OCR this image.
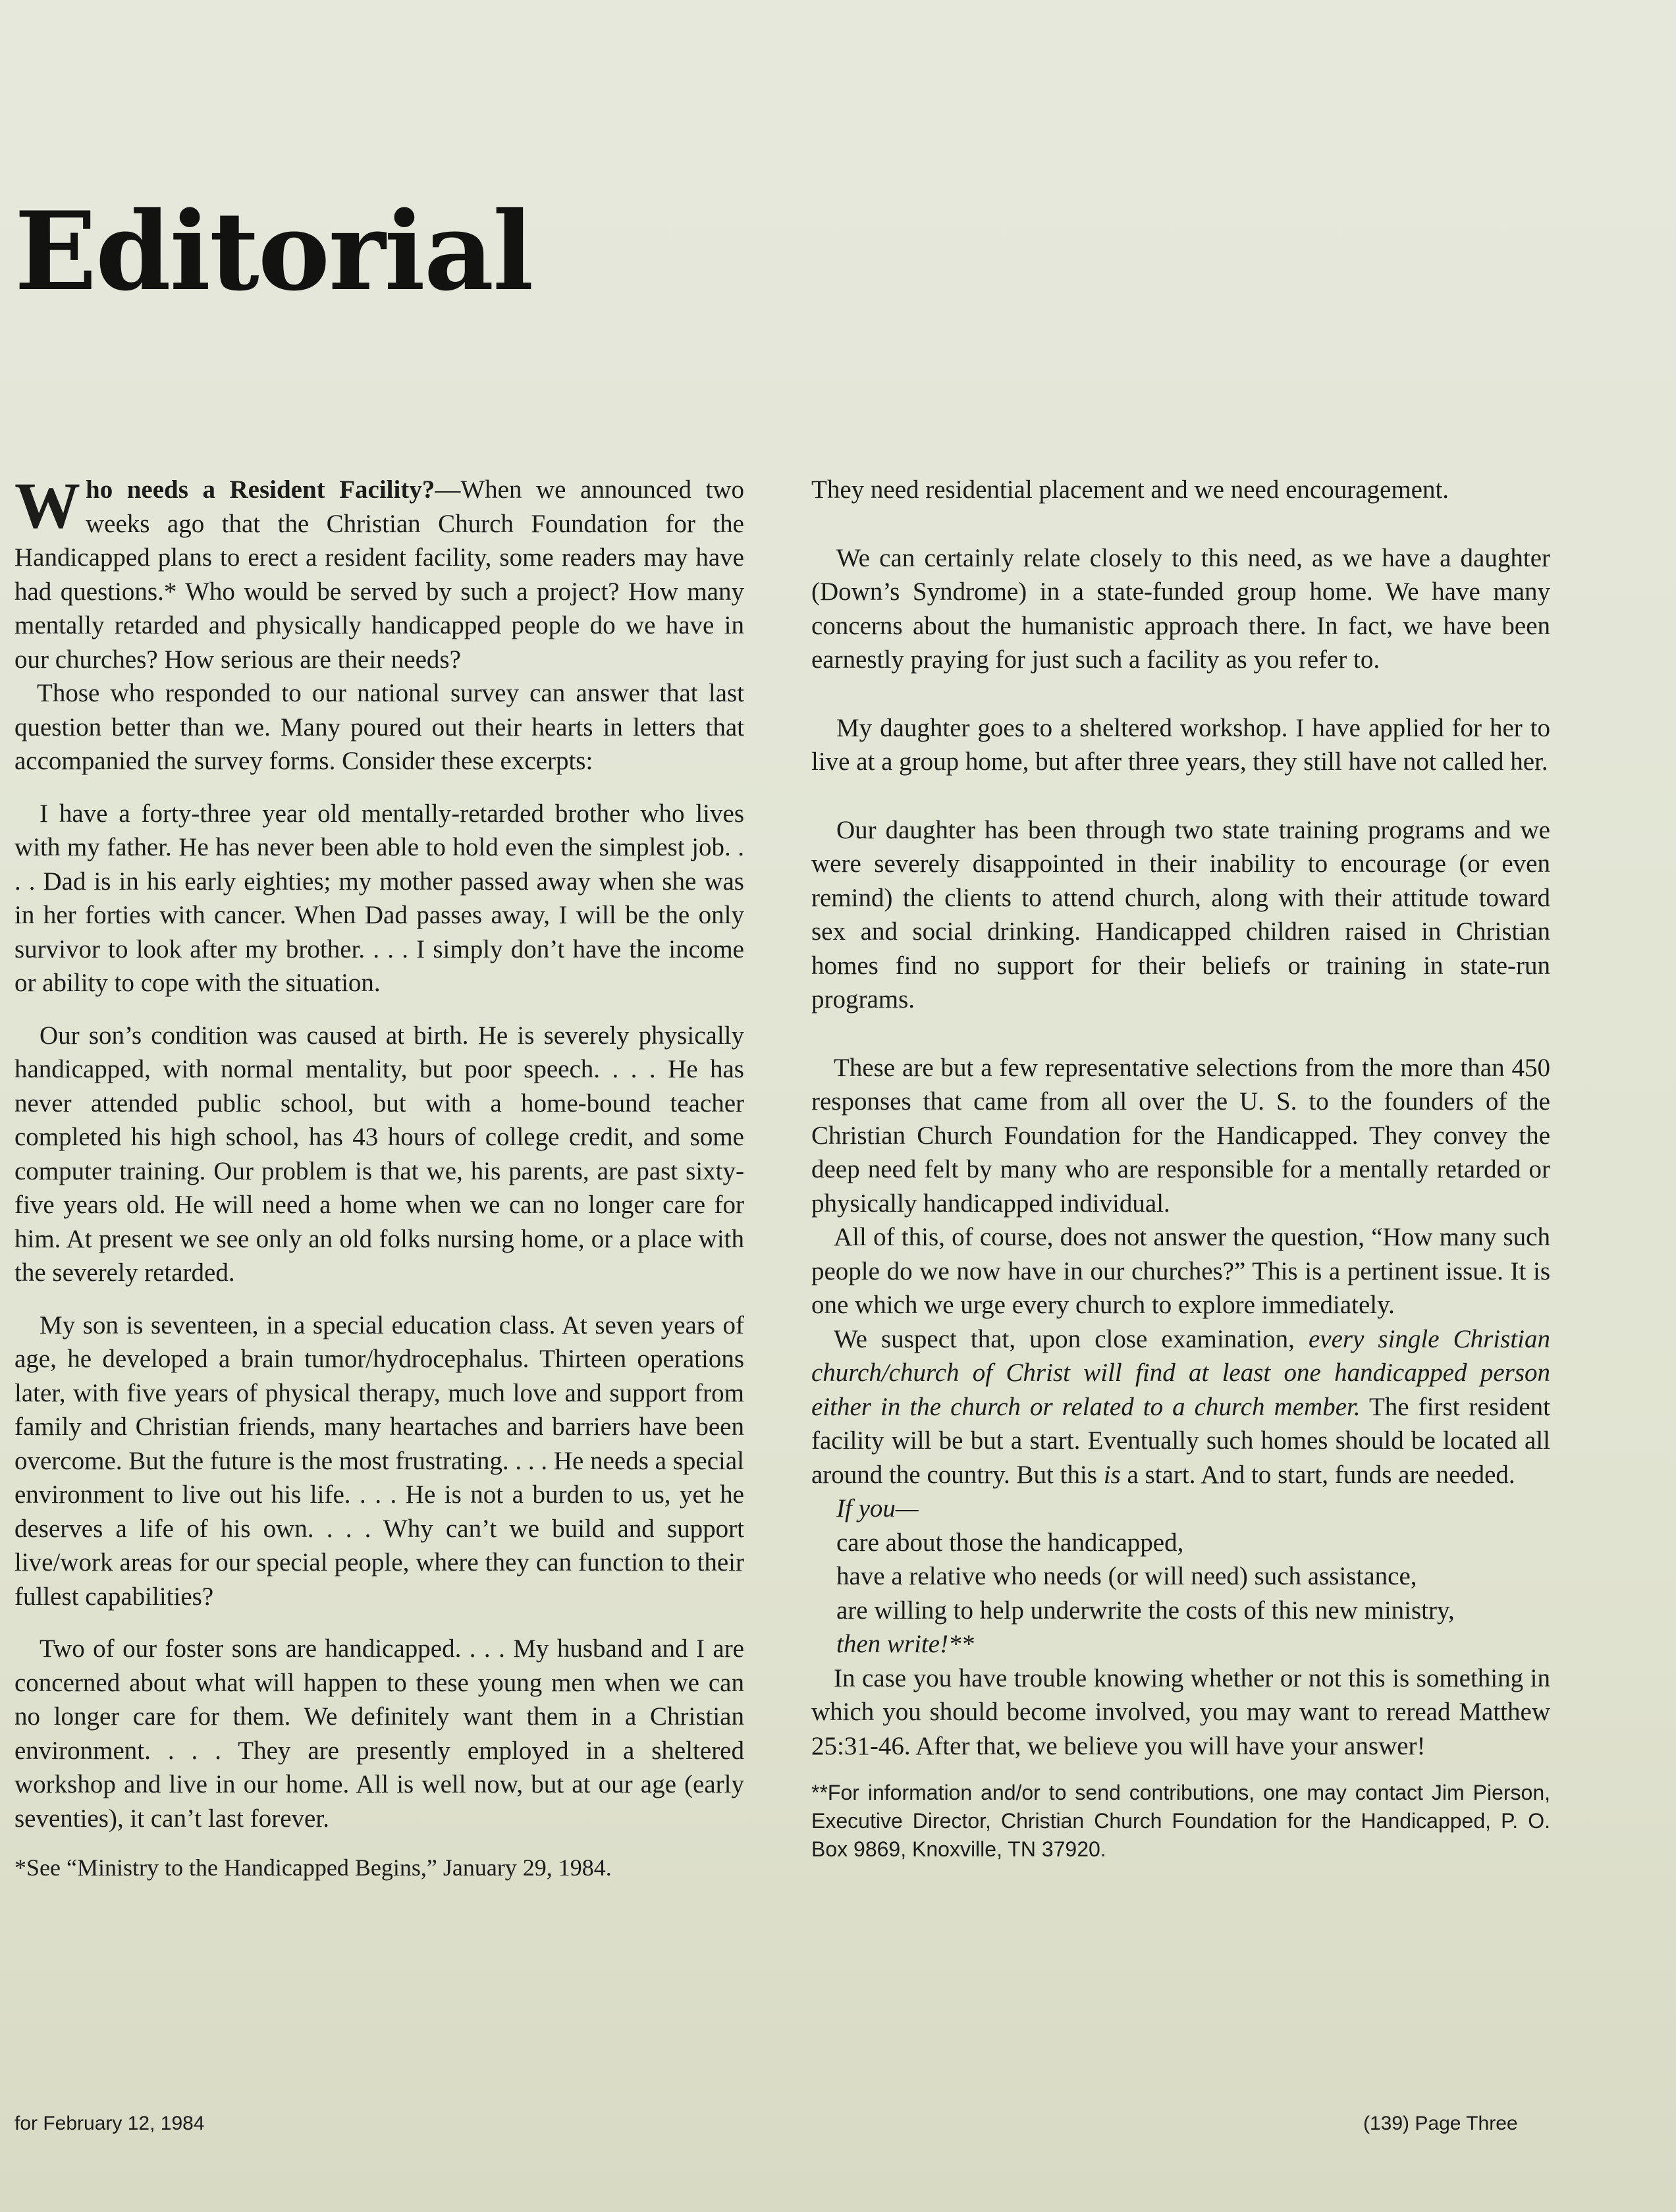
Editorial

Who needs a Resident Facility?—When we announced two weeks ago that the Christian Church Foundation for the Handicapped plans to erect a resident facility, some readers may have had questions.* Who would be served by such a project? How many mentally retarded and physically handicapped people do we have in our churches? How serious are their needs?

Those who responded to our national survey can answer that last question better than we. Many poured out their hearts in letters that accompanied the survey forms. Consider these excerpts:

I have a forty-three year old mentally-retarded brother who lives with my father. He has never been able to hold even the simplest job. . . . Dad is in his early eighties; my mother passed away when she was in her forties with cancer. When Dad passes away, I will be the only survivor to look after my brother. . . . I simply don’t have the income or ability to cope with the situation.

Our son’s condition was caused at birth. He is severely physically handicapped, with normal mentality, but poor speech. . . . He has never attended public school, but with a home-bound teacher completed his high school, has 43 hours of college credit, and some computer training. Our problem is that we, his parents, are past sixty-five years old. He will need a home when we can no longer care for him. At present we see only an old folks nursing home, or a place with the severely retarded.

My son is seventeen, in a special education class. At seven years of age, he developed a brain tumor/hydrocephalus. Thirteen operations later, with five years of physical therapy, much love and support from family and Christian friends, many heartaches and barriers have been overcome. But the future is the most frustrating. . . . He needs a special environment to live out his life. . . . He is not a burden to us, yet he deserves a life of his own. . . . Why can’t we build and support live/work areas for our special people, where they can function to their fullest capabilities?

Two of our foster sons are handicapped. . . . My husband and I are concerned about what will happen to these young men when we can no longer care for them. We definitely want them in a Christian environment. . . . They are presently employed in a sheltered workshop and live in our home. All is well now, but at our age (early seventies), it can’t last forever.

*See “Ministry to the Handicapped Begins,” January 29, 1984.

They need residential placement and we need encouragement.

We can certainly relate closely to this need, as we have a daughter (Down’s Syndrome) in a state-funded group home. We have many concerns about the humanistic approach there. In fact, we have been earnestly praying for just such a facility as you refer to.

My daughter goes to a sheltered workshop. I have applied for her to live at a group home, but after three years, they still have not called her.

Our daughter has been through two state training programs and we were severely disappointed in their inability to encourage (or even remind) the clients to attend church, along with their attitude toward sex and social drinking. Handicapped children raised in Christian homes find no support for their beliefs or training in state-run programs.

These are but a few representative selections from the more than 450 responses that came from all over the U. S. to the founders of the Christian Church Foundation for the Handicapped. They convey the deep need felt by many who are responsible for a mentally retarded or physically handicapped individual.

All of this, of course, does not answer the question, “How many such people do we now have in our churches?” This is a pertinent issue. It is one which we urge every church to explore immediately.

We suspect that, upon close examination, every single Christian church/church of Christ will find at least one handicapped person either in the church or related to a church member. The first resident facility will be but a start. Eventually such homes should be located all around the country. But this is a start. And to start, funds are needed.

If you—

care about those the handicapped,

have a relative who needs (or will need) such assistance,

are willing to help underwrite the costs of this new ministry,

then write!**

In case you have trouble knowing whether or not this is something in which you should become involved, you may want to reread Matthew 25:31-46. After that, we believe you will have your answer!

**For information and/or to send contributions, one may contact Jim Pierson, Executive Director, Christian Church Foundation for the Handicapped, P. O. Box 9869, Knoxville, TN 37920.

for February 12, 1984	(139) Page Three
